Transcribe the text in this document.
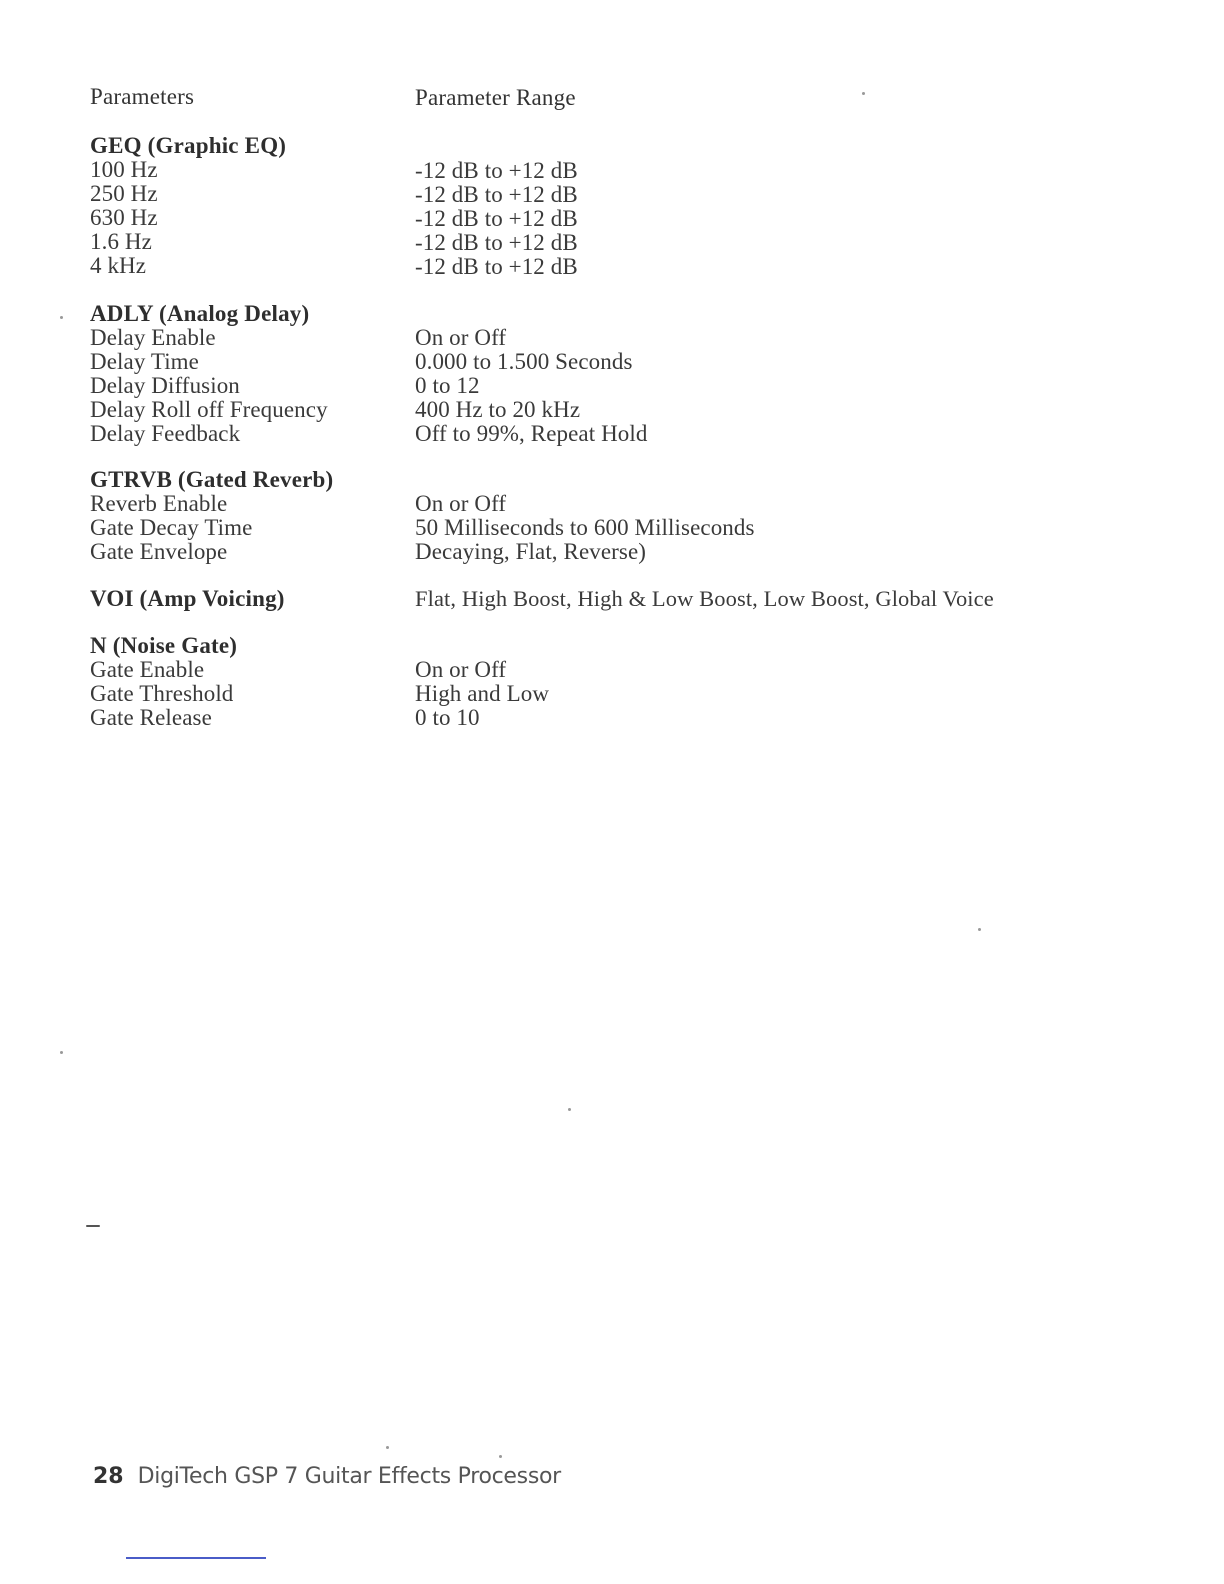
Parameters	Parameter Range
GEQ (Graphic EQ)
100 Hz	-12 dB to +12 dB
250 Hz	-12 dB to +12 dB
630 Hz	-12 dB to +12 dB
1.6 Hz	-12 dB to +12 dB
4 kHz	-12 dB to +12 dB
ADLY (Analog Delay)
Delay Enable	On or Off
Delay Time	0.000 to 1.500 Seconds
Delay Diffusion	0 to 12
Delay Roll off Frequency	400 Hz to 20 kHz
Delay Feedback	Off to 99%, Repeat Hold
GTRVB (Gated Reverb)
Reverb Enable	On or Off
Gate Decay Time	50 Milliseconds to 600 Milliseconds
Gate Envelope	Decaying, Flat, Reverse)
VOI (Amp Voicing)	Flat, High Boost, High & Low Boost, Low Boost, Global Voice
N (Noise Gate)
Gate Enable	On or Off
Gate Threshold	High and Low
Gate Release	0 to 10
28 DigiTech GSP 7 Guitar Effects Processor
